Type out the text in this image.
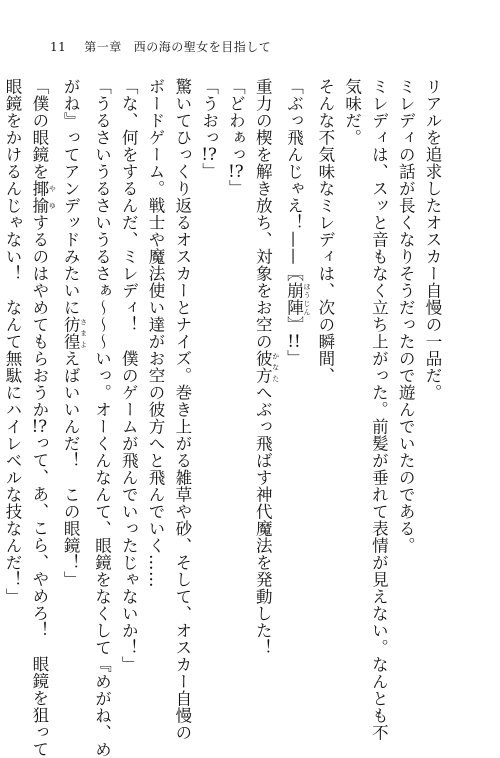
11 第一章 西の海の聖女を目指して
リアルを追求したオスカー自慢の一品だ。
ミレディの話が長くなりそうだったので遊んでいたのである。
ミレディは、スッと音もなく立ち上がった。前髪が垂れて表情が見えない。なんとも不
気味だ。
そんな不気味なミレディは、次の瞬間、
「ぶっ飛んじゃえ！——〖崩陣 ほうじん〗!!」
重力の楔を解き放ち、対象をお空の彼方 かなたへぶっ飛ばす神代魔法を発動した！
「どわぁっ!?」
「うおっ!?」
驚いてひっくり返るオスカーとナイズ。巻き上がる雑草や砂、そして、オスカー自慢の
ボードゲーム。戦士や魔法使い達がお空の彼方へと飛んでいく……
「な、何をするんだ、ミレディ！　僕のゲームが飛んでいったじゃないか！」
「うるさいうるさいうるさぁ〜〜〜いっ。オーくんなんて、眼鏡をなくして『めがね、め
がね』ってアンデッドみたいに彷徨 さまよえばいいんだ！　この眼鏡！」
「僕の眼鏡を揶揄 やゆするのはやめてもらおうか!?って、あ、こら、やめろ！　眼鏡を狙って
眼鏡をかけるんじゃない！　なんて無駄にハイレベルな技なんだ！」
